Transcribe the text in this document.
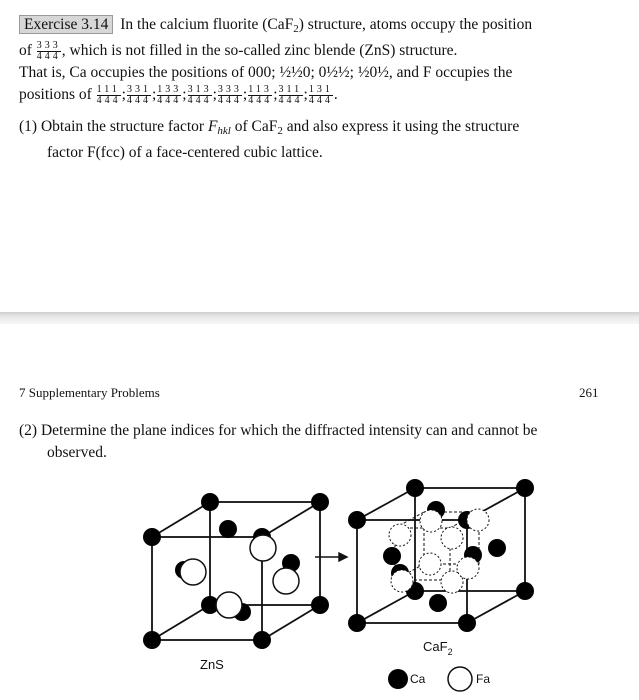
Exercise 3.14 In the calcium fluorite (CaF$_2$) structure, atoms occupy the position
of $\frac{333}{444}$ , which is not filled in the so-called zinc blende (ZnS) structure.
That is, Ca occupies the positions of 000; ½½0; 0½½; ½0½, and F occupies the
positions of $\frac{111}{444}$ ; $\frac{331}{444}$ ; $\frac{133}{444}$ ; $\frac{313}{444}$ ; $\frac{333}{444}$ ; $\frac{113}{444}$ ; $\frac{311}{444}$ ; $\frac{131}{444}$ .
(1) Obtain the structure factor $F_{hkl}$ of CaF$_2$ and also express it using the structure
factor F(fcc) of a face-centered cubic lattice.
7 Supplementary Problems	261
(2) Determine the plane indices for which the diffracted intensity can and cannot be
observed.
ZnS
CaF$_2$
Ca	Fa
